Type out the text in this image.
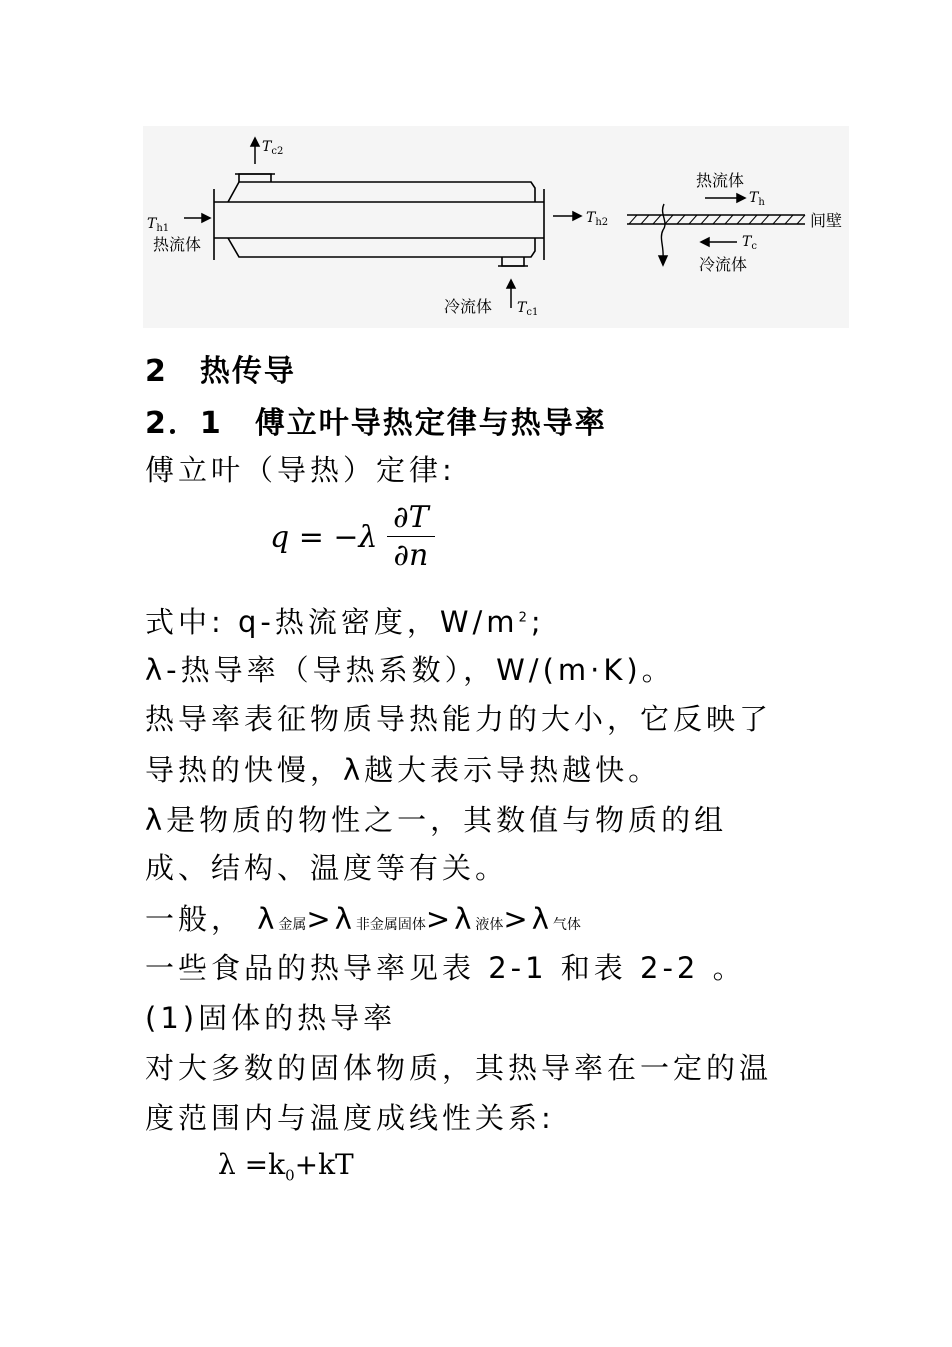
$T_{c2}$
$T_{h1}$
热流体
$T_{h2}$
冷流体 $T_{c1}$
热流体
$T_h$
间壁
$T_c$
冷流体
2　热传导
2．1　傅立叶导热定律与热导率
傅立叶（导热）定律:
$q = -\lambda \frac{\partial T}{\partial n}$
式中: q-热流密度，$W/m^2$;
λ-热导率（导热系数），W/(m·K)。
热导率表征物质导热能力的大小，它反映了
导热的快慢，λ越大表示导热越快。
λ是物质的物性之一，其数值与物质的组
成、结构、温度等有关。
一般， λ金属>λ非金属固体>λ液体>λ气体
一些食品的热导率见表 2-1 和表 2-2 。
(1)固体的热导率
对大多数的固体物质，其热导率在一定的温
度范围内与温度成线性关系:
$\lambda =k_0+kT$
